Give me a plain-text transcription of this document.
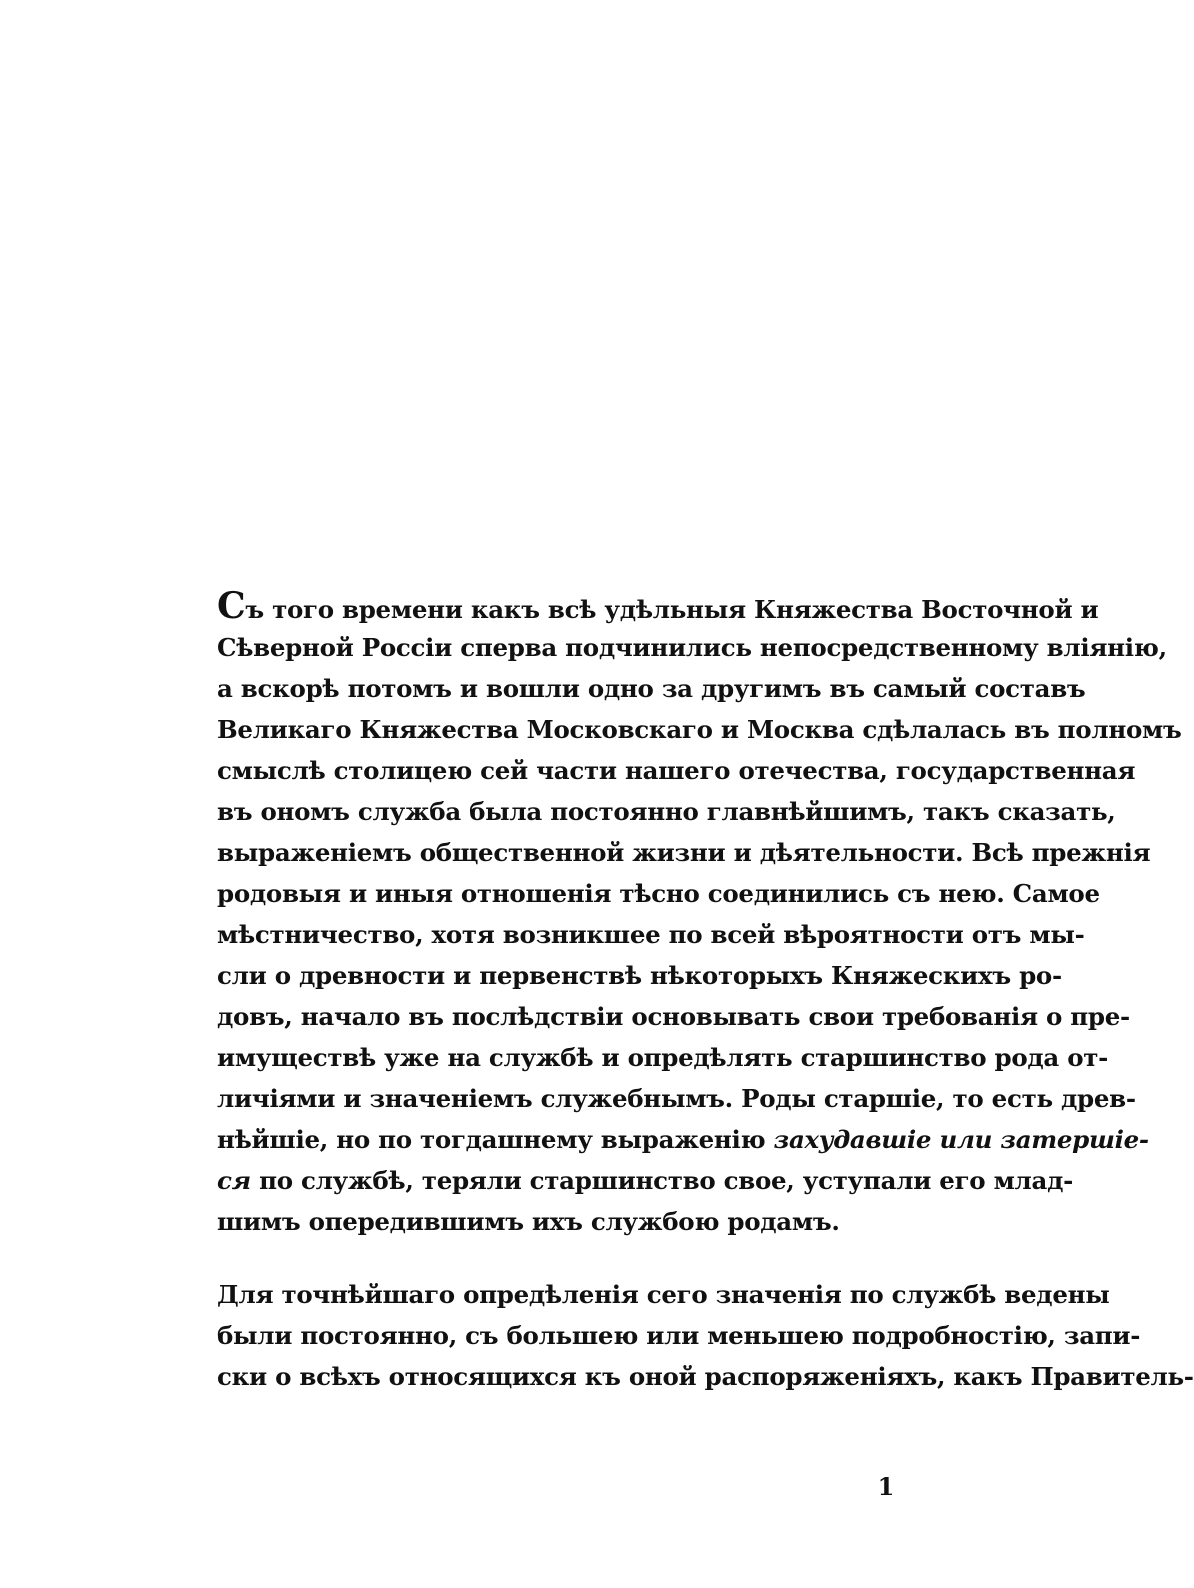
Съ того времени какъ всѣ удѣльныя Княжества Восточной и
Сѣверной Россіи сперва подчинились непосредственному вліянію,
а вскорѣ потомъ и вошли одно за другимъ въ самый составъ
Великаго Княжества Московскаго и Москва сдѣлалась въ полномъ
смыслѣ столицею сей части нашего отечества, государственная
въ ономъ служба была постоянно главнѣйшимъ, такъ сказать,
выраженіемъ общественной жизни и дѣятельности. Всѣ прежнія
родовыя и иныя отношенія тѣсно соединились съ нею. Самое
мѣстничество, хотя возникшее по всей вѣроятности отъ мы-
сли о древности и первенствѣ нѣкоторыхъ Княжескихъ ро-
довъ, начало въ послѣдствіи основывать свои требованія о пре-
имуществѣ уже на службѣ и опредѣлять старшинство рода от-
личіями и значеніемъ служебнымъ. Роды старшіе, то есть древ-
нѣйшіе, но по тогдашнему выраженію захудавшіе или затершіе-
ся по службѣ, теряли старшинство свое, уступали его млад-
шимъ опередившимъ ихъ службою родамъ.
Для точнѣйшаго опредѣленія сего значенія по службѣ ведены
были постоянно, съ большею или меньшею подробностію, запи-
ски о всѣхъ относящихся къ оной распоряженіяхъ, какъ Правитель-
1
